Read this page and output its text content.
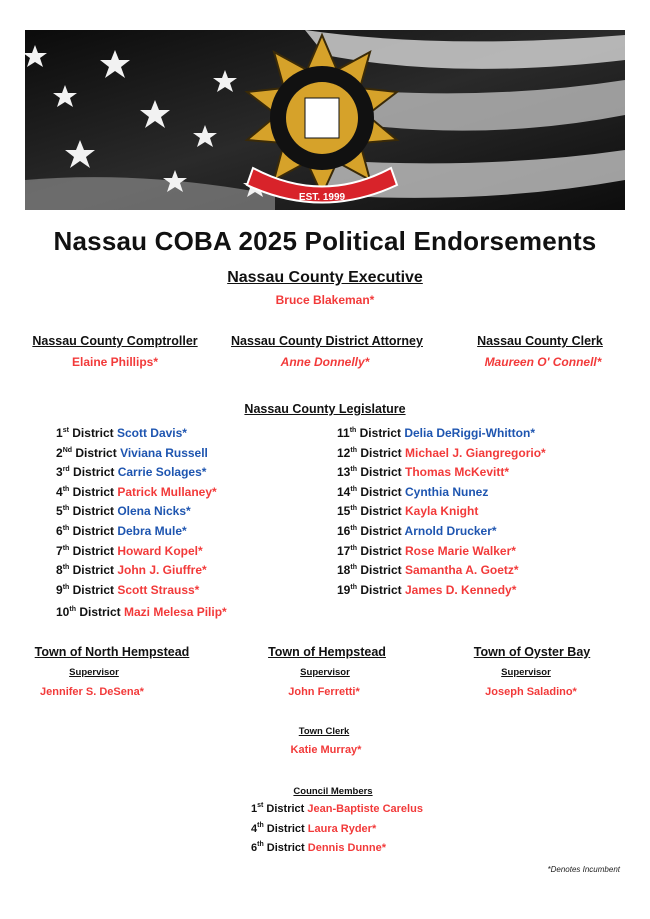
EST. 1999
Nassau COBA 2025 Political Endorsements
Nassau County Executive
Bruce Blakeman*
Nassau County Comptroller
Elaine Phillips*
Nassau County District Attorney
Anne Donnelly*
Nassau County Clerk
Maureen O' Connell*
Nassau County Legislature
1st District Scott Davis*
2Nd District Viviana Russell
3rd District Carrie Solages*
4th District Patrick Mullaney*
5th District Olena Nicks*
6th District Debra Mule*
7th District Howard Kopel*
8th District John J. Giuffre*
9th District Scott Strauss*
10th District Mazi Melesa Pilip*
11th District Delia DeRiggi-Whitton*
12th District Michael J. Giangregorio*
13th District Thomas McKevitt*
14th District Cynthia Nunez
15th District Kayla Knight
16th District Arnold Drucker*
17th District Rose Marie Walker*
18th District Samantha A. Goetz*
19th District James D. Kennedy*
Town of North Hempstead
Supervisor
Jennifer S. DeSena*
Town of Hempstead
Supervisor
John Ferretti*
Town of Oyster Bay
Supervisor
Joseph Saladino*
Town Clerk
Katie Murray*
Council Members
1st District Jean-Baptiste Carelus
4th District Laura Ryder*
6th District Dennis Dunne*
*Denotes Incumbent
